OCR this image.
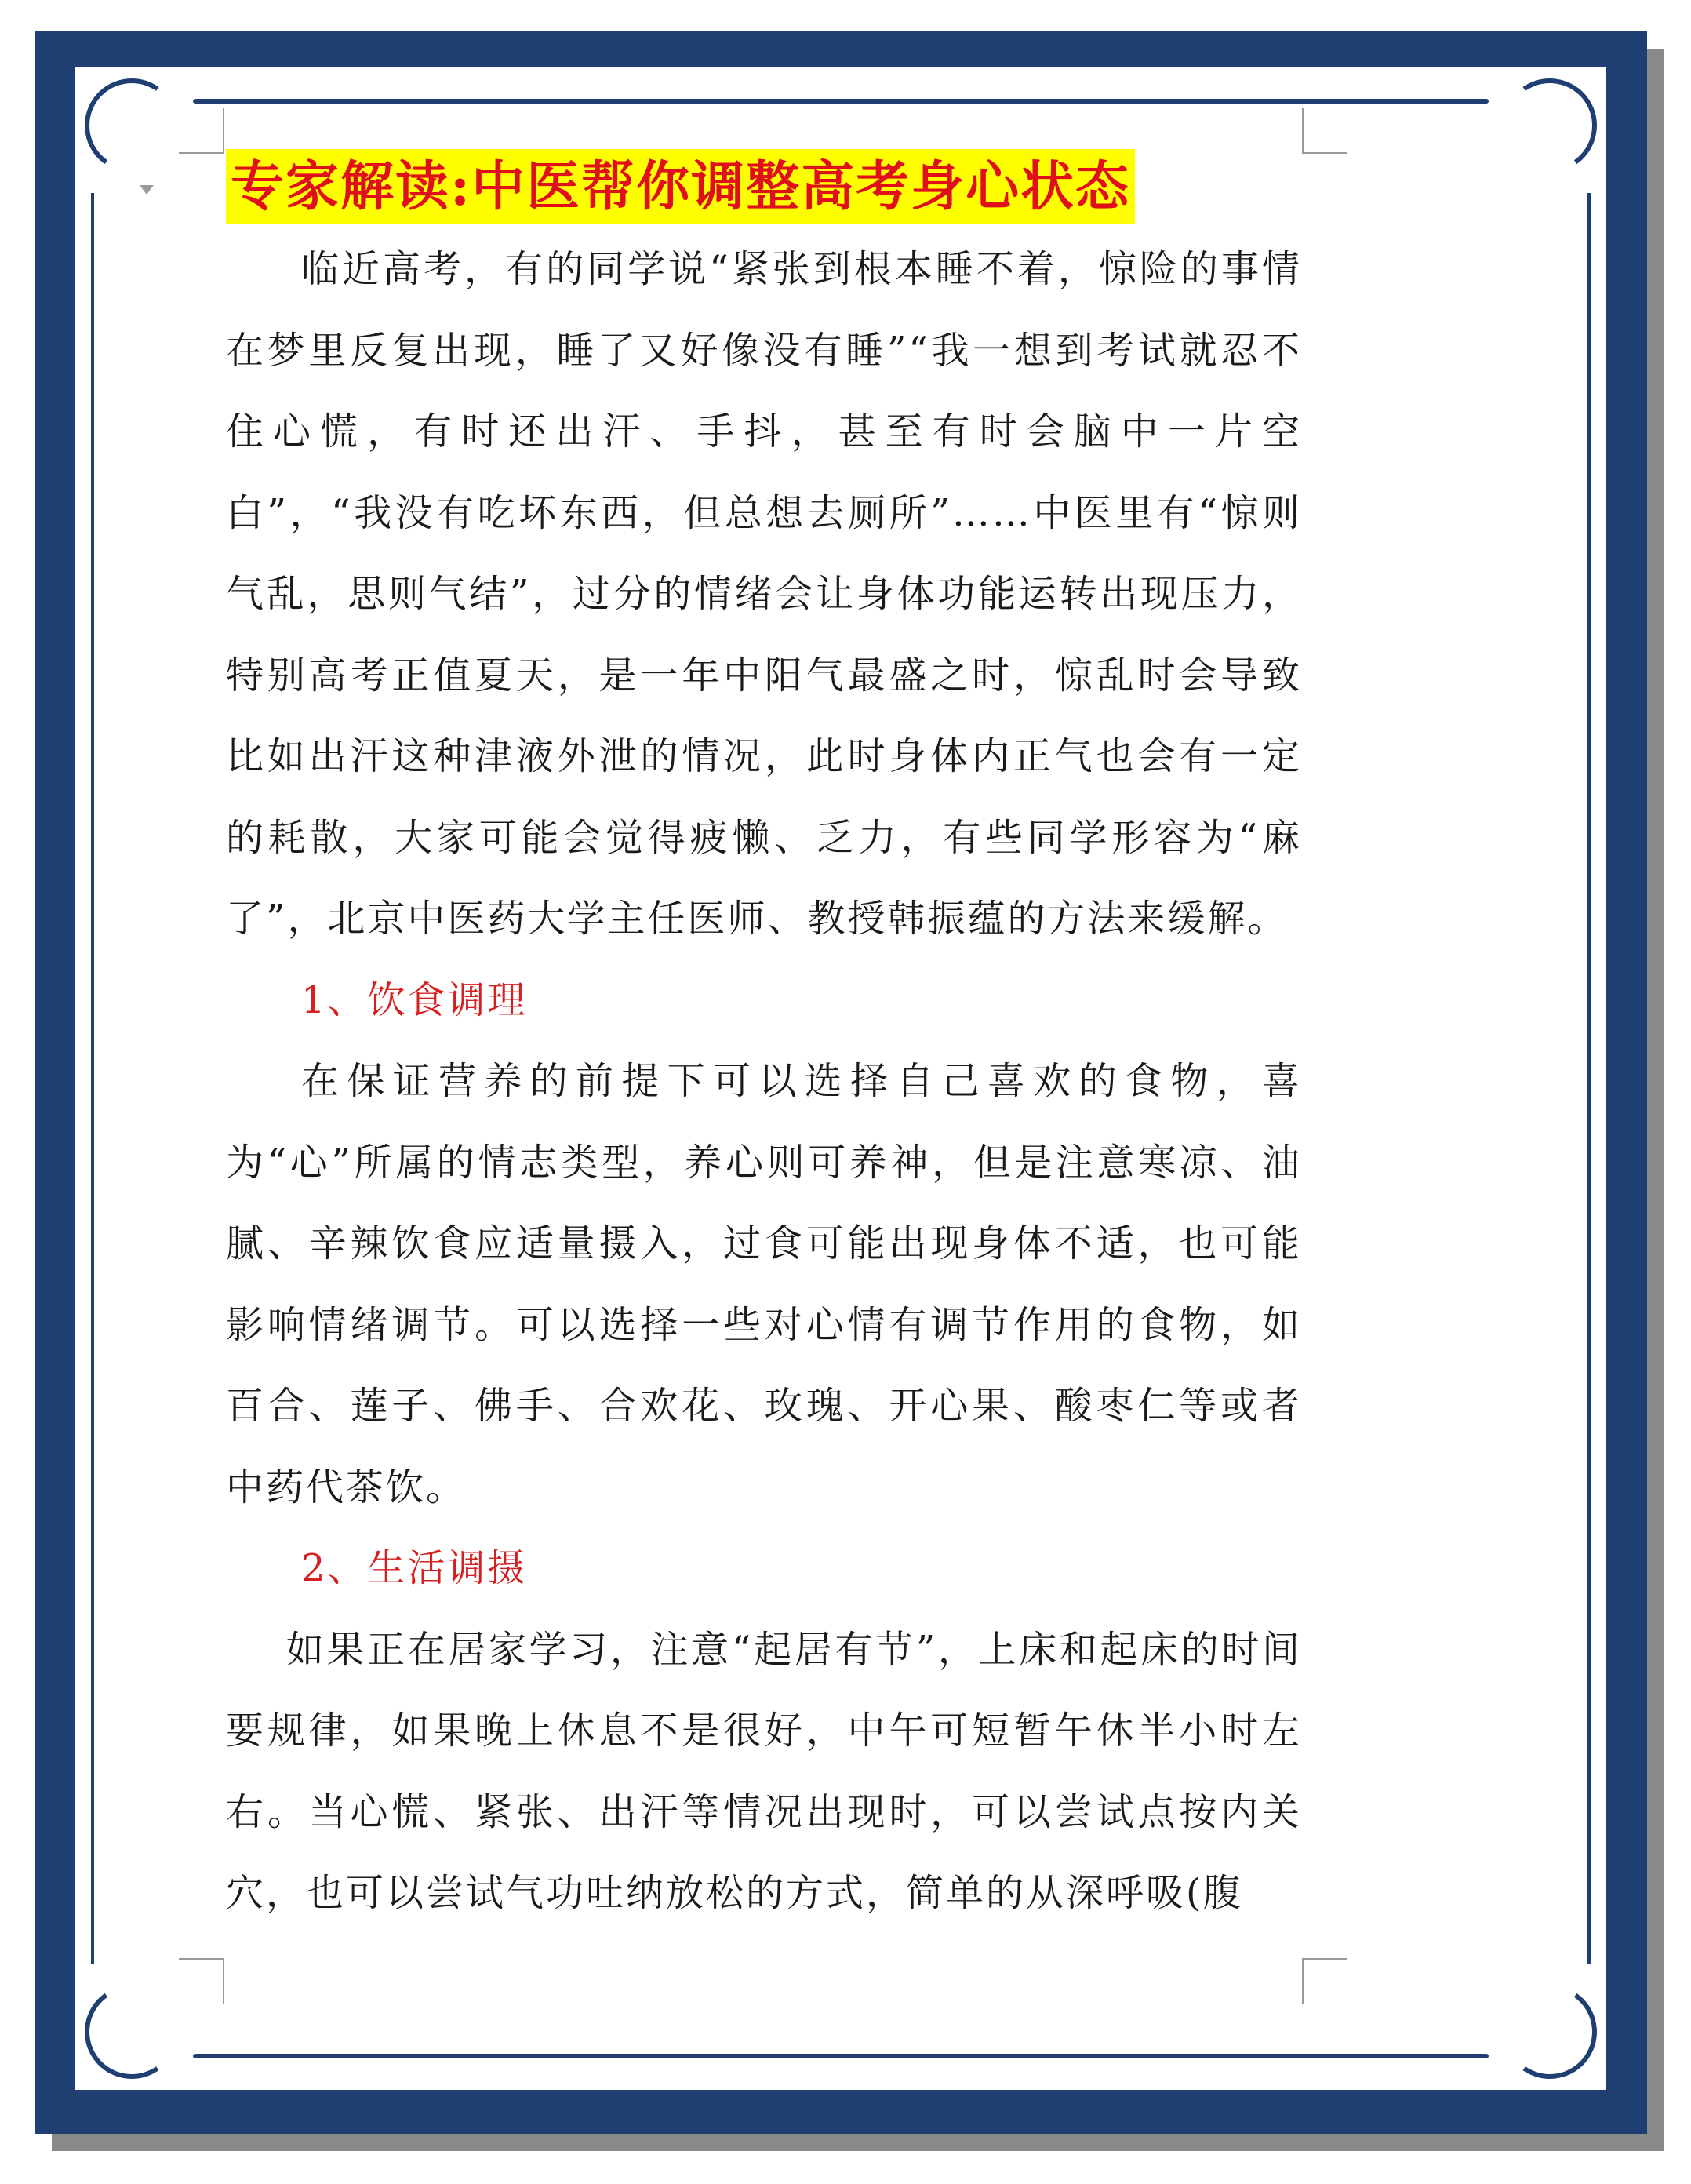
专家解读:中医帮你调整高考身心状态

临近高考，有的同学说“紧张到根本睡不着，惊险的事情在梦里反复出现，睡了又好像没有睡”“我一想到考试就忍不住心慌，有时还出汗、手抖，甚至有时会脑中一片空白”，“我没有吃坏东西，但总想去厕所”……中医里有“惊则气乱，思则气结”，过分的情绪会让身体功能运转出现压力，特别高考正值夏天，是一年中阳气最盛之时，惊乱时会导致比如出汗这种津液外泄的情况，此时身体内正气也会有一定的耗散，大家可能会觉得疲懒、乏力，有些同学形容为“麻了”，北京中医药大学主任医师、教授韩振蕴的方法来缓解。

1、饮食调理

在保证营养的前提下可以选择自己喜欢的食物，喜为“心”所属的情志类型，养心则可养神，但是注意寒凉、油腻、辛辣饮食应适量摄入，过食可能出现身体不适，也可能影响情绪调节。可以选择一些对心情有调节作用的食物，如百合、莲子、佛手、合欢花、玫瑰、开心果、酸枣仁等或者中药代茶饮。

2、生活调摄

如果正在居家学习，注意“起居有节”，上床和起床的时间要规律，如果晚上休息不是很好，中午可短暂午休半小时左右。当心慌、紧张、出汗等情况出现时，可以尝试点按内关穴，也可以尝试气功吐纳放松的方式，简单的从深呼吸(腹
